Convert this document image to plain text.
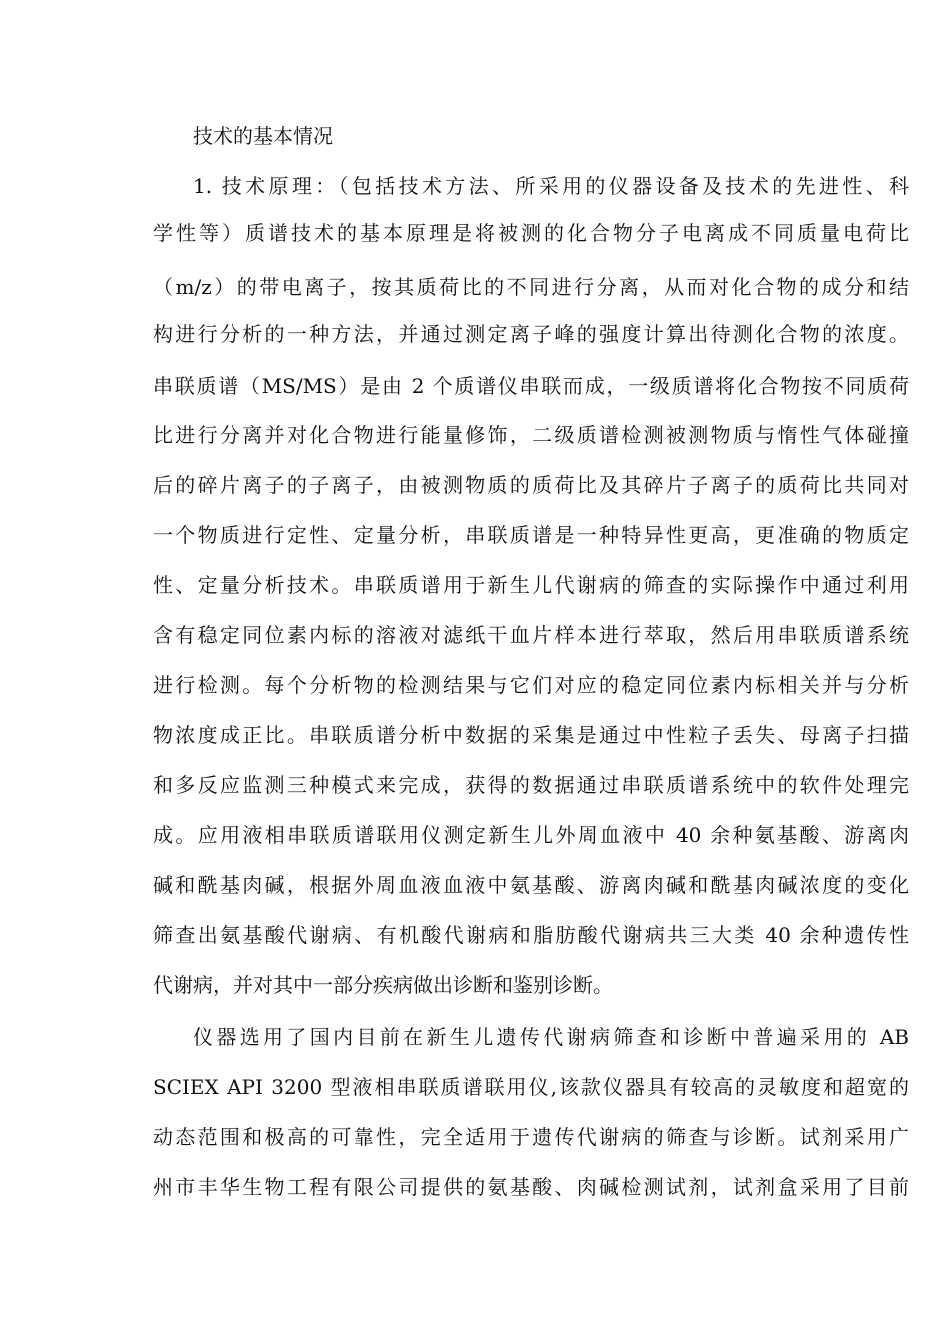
技术的基本情况
1. 技术原理：（包括技术方法、所采用的仪器设备及技术的先进性、科
学性等）质谱技术的基本原理是将被测的化合物分子电离成不同质量电荷比
（m/z）的带电离子，按其质荷比的不同进行分离，从而对化合物的成分和结
构进行分析的一种方法，并通过测定离子峰的强度计算出待测化合物的浓度。
串联质谱（MS/MS）是由 2 个质谱仪串联而成，一级质谱将化合物按不同质荷
比进行分离并对化合物进行能量修饰，二级质谱检测被测物质与惰性气体碰撞
后的碎片离子的子离子，由被测物质的质荷比及其碎片子离子的质荷比共同对
一个物质进行定性、定量分析，串联质谱是一种特异性更高，更准确的物质定
性、定量分析技术。串联质谱用于新生儿代谢病的筛查的实际操作中通过利用
含有稳定同位素内标的溶液对滤纸干血片样本进行萃取，然后用串联质谱系统
进行检测。每个分析物的检测结果与它们对应的稳定同位素内标相关并与分析
物浓度成正比。串联质谱分析中数据的采集是通过中性粒子丢失、母离子扫描
和多反应监测三种模式来完成，获得的数据通过串联质谱系统中的软件处理完
成。应用液相串联质谱联用仪测定新生儿外周血液中 40 余种氨基酸、游离肉
碱和酰基肉碱，根据外周血液血液中氨基酸、游离肉碱和酰基肉碱浓度的变化
筛查出氨基酸代谢病、有机酸代谢病和脂肪酸代谢病共三大类 40 余种遗传性
代谢病，并对其中一部分疾病做出诊断和鉴别诊断。
仪器选用了国内目前在新生儿遗传代谢病筛查和诊断中普遍采用的 AB
SCIEX API 3200 型液相串联质谱联用仪,该款仪器具有较高的灵敏度和超宽的
动态范围和极高的可靠性，完全适用于遗传代谢病的筛查与诊断。试剂采用广
州市丰华生物工程有限公司提供的氨基酸、肉碱检测试剂，试剂盒采用了目前
